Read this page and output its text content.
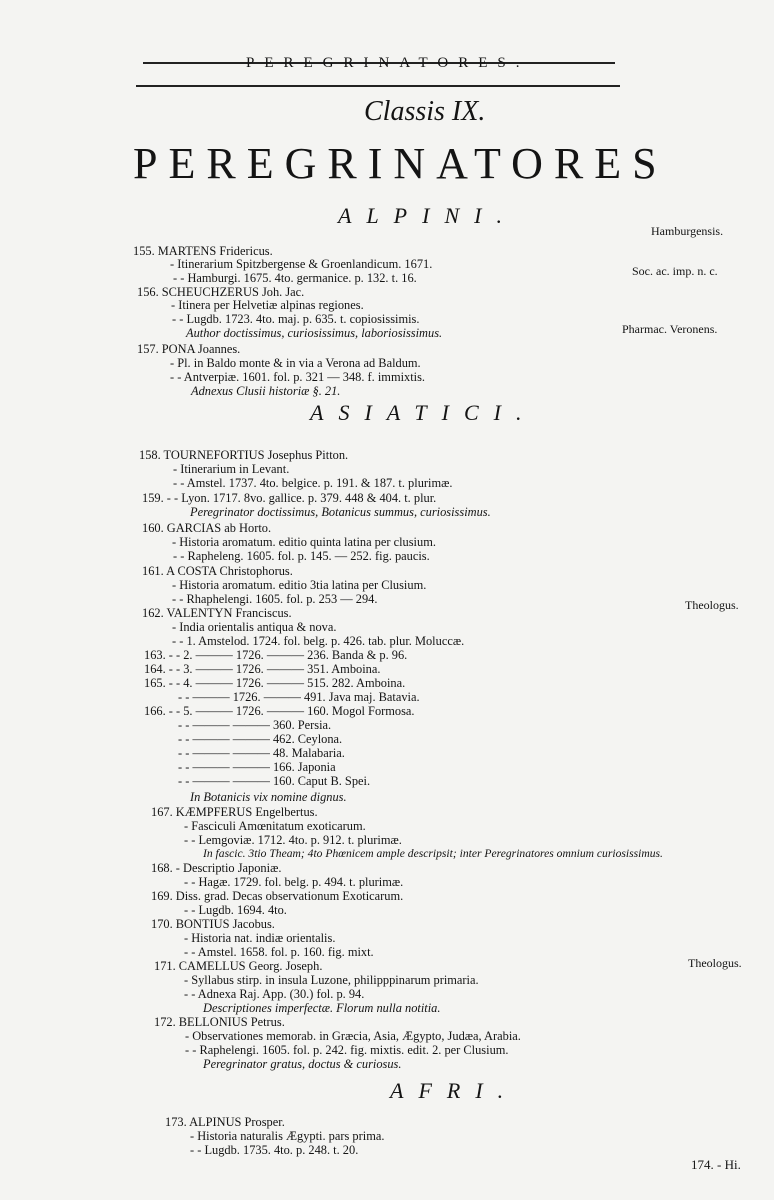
PEREGRINATORES.
Classis IX.
PEREGRINATORES
ALPINI.
ASIATICI.
AFRI.
Hamburgensis.
Soc. ac. imp. n. c.
Pharmac. Veronens.
Theologus.
Theologus.
155. MARTENS Fridericus.
- Itinerarium Spitzbergense & Groenlandicum. 1671.
- - Hamburgi. 1675. 4to. germanice. p. 132. t. 16.
156. SCHEUCHZERUS Joh. Jac.
- Itinera per Helvetiæ alpinas regiones.
- - Lugdb. 1723. 4to. maj. p. 635. t. copiosissimis.
Author doctissimus, curiosissimus, laboriosissimus.
157. PONA Joannes.
- Pl. in Baldo monte & in via a Verona ad Baldum.
- - Antverpiæ. 1601. fol. p. 321 — 348. f. immixtis.
Adnexus Clusii historiæ §. 21.
158. TOURNEFORTIUS Josephus Pitton.
- Itinerarium in Levant.
- - Amstel. 1737. 4to. belgice. p. 191. & 187. t. plurimæ.
159. - - Lyon. 1717. 8vo. gallice. p. 379. 448 & 404. t. plur.
Peregrinator doctissimus, Botanicus summus, curiosissimus.
160. GARCIAS ab Horto.
- Historia aromatum. editio quinta latina per clusium.
- - Rapheleng. 1605. fol. p. 145. — 252. fig. paucis.
161. A COSTA Christophorus.
- Historia aromatum. editio 3tia latina per Clusium.
- - Rhaphelengi. 1605. fol. p. 253 — 294.
162. VALENTYN Franciscus.
- India orientalis antiqua & nova.
- - 1. Amstelod. 1724. fol. belg. p. 426. tab. plur. Moluccæ.
163. - - 2. ——— 1726. ——— 236. Banda & p. 96.
164. - - 3. ——— 1726. ——— 351. Amboina.
165. - - 4. ——— 1726. ——— 515. 282. Amboina.
- - ——— 1726. ——— 491. Java maj. Batavia.
166. - - 5. ——— 1726. ——— 160. Mogol Formosa.
- - ——— ——— 360. Persia.
- - ——— ——— 462. Ceylona.
- - ——— ——— 48. Malabaria.
- - ——— ——— 166. Japonia
- - ——— ——— 160. Caput B. Spei.
In Botanicis vix nomine dignus.
167. KÆMPFERUS Engelbertus.
- Fasciculi Amœnitatum exoticarum.
- - Lemgoviæ. 1712. 4to. p. 912. t. plurimæ.
In fascic. 3tio Theam; 4to Phœnicem ample descripsit; inter Peregrinatores omnium curiosissimus.
168. - Descriptio Japoniæ.
- - Hagæ. 1729. fol. belg. p. 494. t. plurimæ.
169. Diss. grad. Decas observationum Exoticarum.
- - Lugdb. 1694. 4to.
170. BONTIUS Jacobus.
- Historia nat. indiæ orientalis.
- - Amstel. 1658. fol. p. 160. fig. mixt.
171. CAMELLUS Georg. Joseph.
- Syllabus stirp. in insula Luzone, philipppinarum primaria.
- - Adnexa Raj. App. (30.) fol. p. 94.
Descriptiones imperfectæ. Florum nulla notitia.
172. BELLONIUS Petrus.
- Observationes memorab. in Græcia, Asia, Ægypto, Judæa, Arabia.
- - Raphelengi. 1605. fol. p. 242. fig. mixtis. edit. 2. per Clusium.
Peregrinator gratus, doctus & curiosus.
173. ALPINUS Prosper.
- Historia naturalis Ægypti. pars prima.
- - Lugdb. 1735. 4to. p. 248. t. 20.
174. - Hi.
